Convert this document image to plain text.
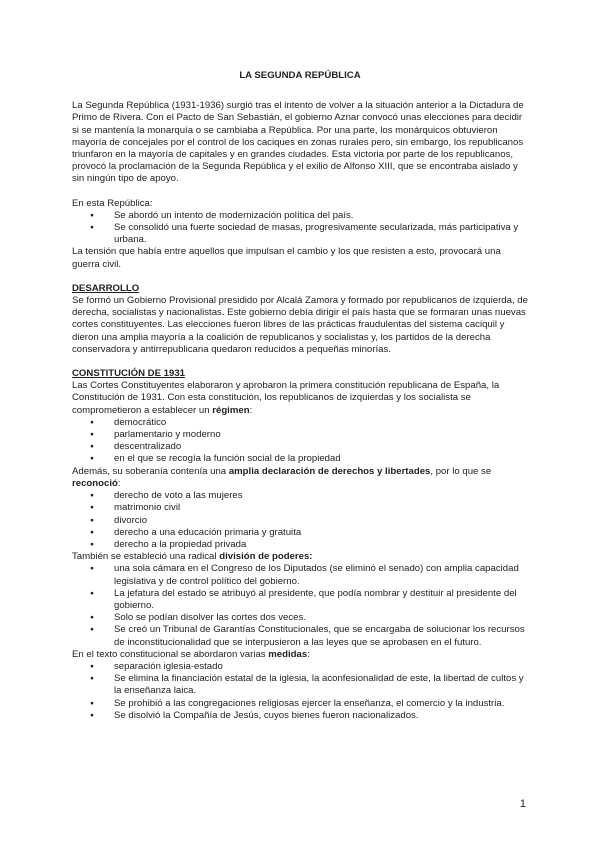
LA SEGUNDA REPÚBLICA

La Segunda República (1931-1936) surgió tras el intento de volver a la situación anterior a la Dictadura de Primo de Rivera. Con el Pacto de San Sebastián, el gobierno Aznar convocó unas elecciones para decidir si se mantenía la monarquía o se cambiaba a República. Por una parte, los monárquicos obtuvieron mayoría de concejales por el control de los caciques en zonas rurales pero, sin embargo, los republicanos triunfaron en la mayoría de capitales y en grandes ciudades. Esta victoria por parte de los republicanos, provocó la proclamación de la Segunda República y el exilio de Alfonso XIII, que se encontraba aislado y sin ningún tipo de apoyo.

En esta República:

● Se abordó un intento de modernización política del país.
● Se consolidó una fuerte sociedad de masas, progresivamente secularizada, más participativa y urbana.

La tensión que había entre aquellos que impulsan el cambio y los que resisten a esto, provocará una guerra civil.

DESARROLLO

Se formó un Gobierno Provisional presidido por Alcalá Zamora y formado por republicanos de izquierda, de derecha, socialistas y nacionalistas. Este gobierno debía dirigir el país hasta que se formaran unas nuevas cortes constituyentes. Las elecciones fueron libres de las prácticas fraudulentas del sistema caciquil y dieron una amplia mayoría a la coalición de republicanos y socialistas y, los partidos de la derecha conservadora y antirrepublicana quedaron reducidos a pequeñas minorías.

CONSTITUCIÓN DE 1931

Las Cortes Constituyentes elaboraron y aprobaron la primera constitución republicana de España, la Constitución de 1931. Con esta constitución, los republicanos de izquierdas y los socialista se comprometieron a establecer un régimen:

● democrático
● parlamentario y moderno
● descentralizado
● en el que se recogía la función social de la propiedad

Además, su soberanía contenía una amplia declaración de derechos y libertades, por lo que se reconoció:

● derecho de voto a las mujeres
● matrimonio civil
● divorcio
● derecho a una educación primaria y gratuita
● derecho a la propiedad privada

También se estableció una radical división de poderes:

● una sola cámara en el Congreso de los Diputados (se eliminó el senado) con amplia capacidad legislativa y de control político del gobierno.
● La jefatura del estado se atribuyó al presidente, que podía nombrar y destituir al presidente del gobierno.
● Solo se podían disolver las cortes dos veces.
● Se creó un Tribunal de Garantías Constitucionales, que se encargaba de solucionar los recursos de inconstitucionalidad que se interpusieron a las leyes que se aprobasen en el futuro.

En el texto constitucional se abordaron varias medidas:

● separación iglesia-estado
● Se elimina la financiación estatal de la iglesia, la aconfesionalidad de este, la libertad de cultos y la enseñanza laica.
● Se prohibió a las congregaciones religiosas ejercer la enseñanza, el comercio y la industria.
● Se disolvió la Compañía de Jesús, cuyos bienes fueron nacionalizados.
1
